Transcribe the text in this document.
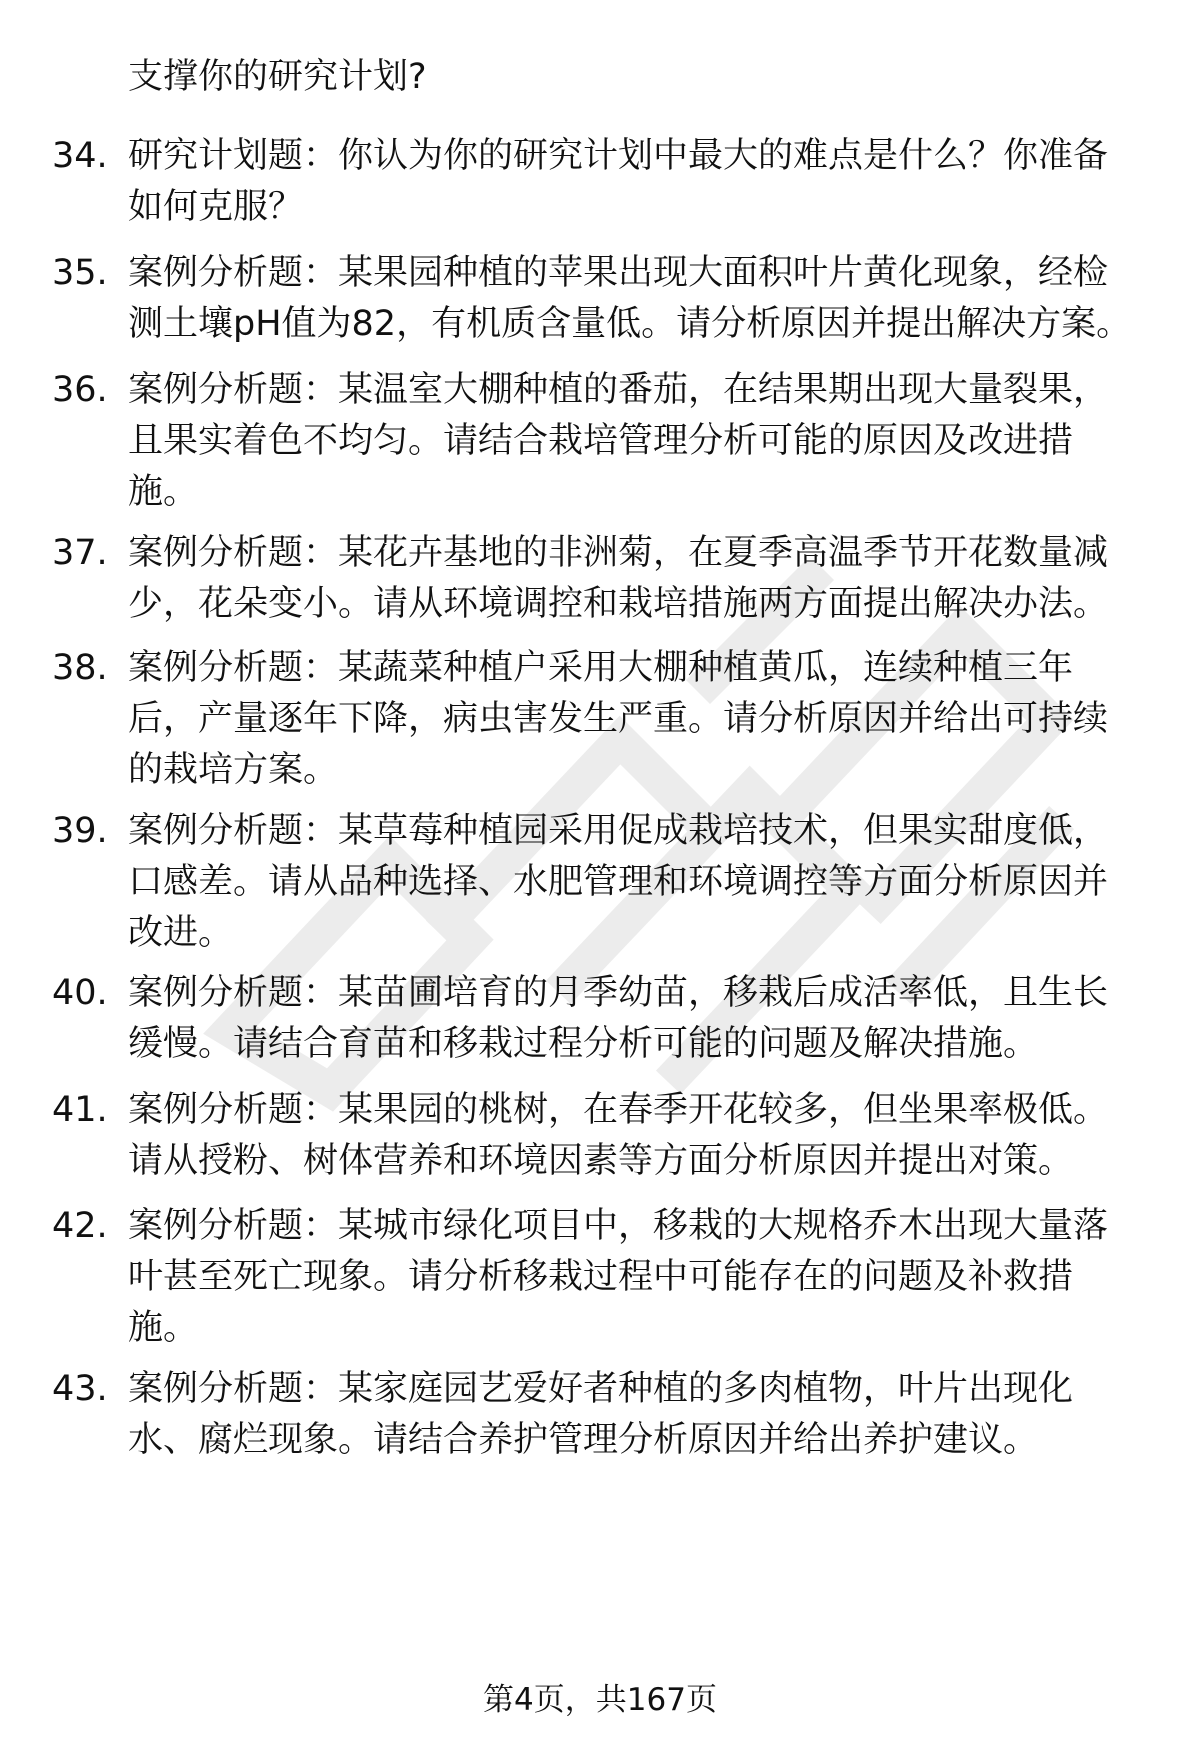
支撑你的研究计划?
34. 研究计划题：你认为你的研究计划中最大的难点是什么？你准备
如何克服？
35. 案例分析题：某果园种植的苹果出现大面积叶片黄化现象，经检
测土壤pH值为82，有机质含量低。请分析原因并提出解决方案。
36. 案例分析题：某温室大棚种植的番茄，在结果期出现大量裂果，
且果实着色不均匀。请结合栽培管理分析可能的原因及改进措
施。
37. 案例分析题：某花卉基地的非洲菊，在夏季高温季节开花数量减
少，花朵变小。请从环境调控和栽培措施两方面提出解决办法。
38. 案例分析题：某蔬菜种植户采用大棚种植黄瓜，连续种植三年
后，产量逐年下降，病虫害发生严重。请分析原因并给出可持续
的栽培方案。
39. 案例分析题：某草莓种植园采用促成栽培技术，但果实甜度低，
口感差。请从品种选择、水肥管理和环境调控等方面分析原因并
改进。
40. 案例分析题：某苗圃培育的月季幼苗，移栽后成活率低，且生长
缓慢。请结合育苗和移栽过程分析可能的问题及解决措施。
41. 案例分析题：某果园的桃树，在春季开花较多，但坐果率极低。
请从授粉、树体营养和环境因素等方面分析原因并提出对策。
42. 案例分析题：某城市绿化项目中，移栽的大规格乔木出现大量落
叶甚至死亡现象。请分析移栽过程中可能存在的问题及补救措
施。
43. 案例分析题：某家庭园艺爱好者种植的多肉植物，叶片出现化
水、腐烂现象。请结合养护管理分析原因并给出养护建议。
第4页，共167页
